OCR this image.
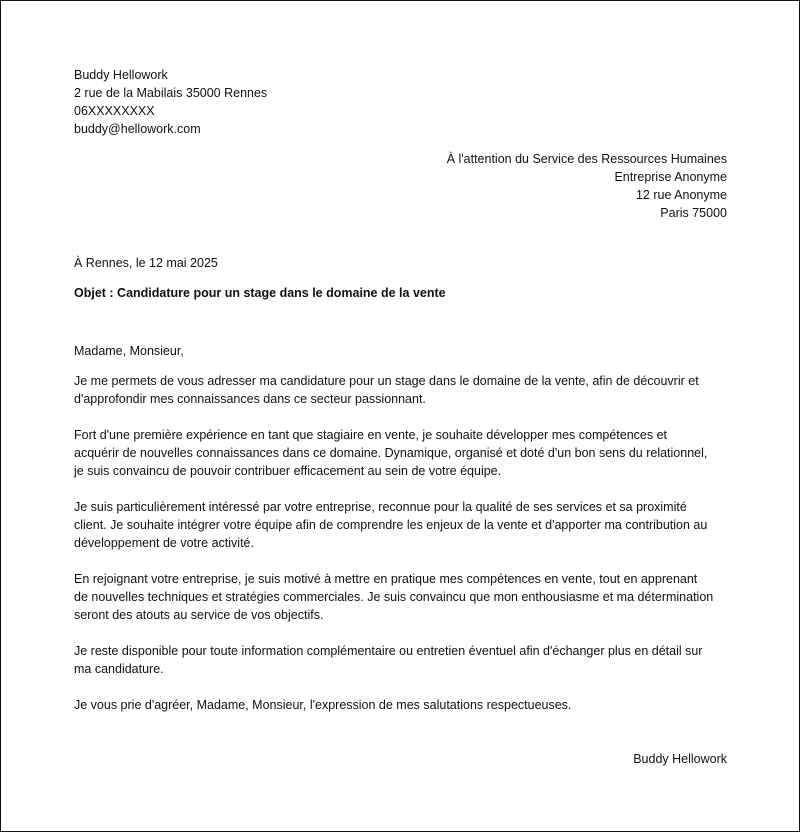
Buddy Hellowork
2 rue de la Mabilais 35000 Rennes
06XXXXXXXX
buddy@hellowork.com
À l'attention du Service des Ressources Humaines
Entreprise Anonyme
12 rue Anonyme
Paris 75000
À Rennes, le 12 mai 2025
Objet : Candidature pour un stage dans le domaine de la vente
Madame, Monsieur,

Je me permets de vous adresser ma candidature pour un stage dans le domaine de la vente, afin de découvrir et
d'approfondir mes connaissances dans ce secteur passionnant.

Fort d'une première expérience en tant que stagiaire en vente, je souhaite développer mes compétences et
acquérir de nouvelles connaissances dans ce domaine. Dynamique, organisé et doté d'un bon sens du relationnel,
je suis convaincu de pouvoir contribuer efficacement au sein de votre équipe.

Je suis particulièrement intéressé par votre entreprise, reconnue pour la qualité de ses services et sa proximité
client. Je souhaite intégrer votre équipe afin de comprendre les enjeux de la vente et d'apporter ma contribution au
développement de votre activité.

En rejoignant votre entreprise, je suis motivé à mettre en pratique mes compétences en vente, tout en apprenant
de nouvelles techniques et stratégies commerciales. Je suis convaincu que mon enthousiasme et ma détermination
seront des atouts au service de vos objectifs.

Je reste disponible pour toute information complémentaire ou entretien éventuel afin d'échanger plus en détail sur
ma candidature.

Je vous prie d'agréer, Madame, Monsieur, l'expression de mes salutations respectueuses.
Buddy Hellowork
